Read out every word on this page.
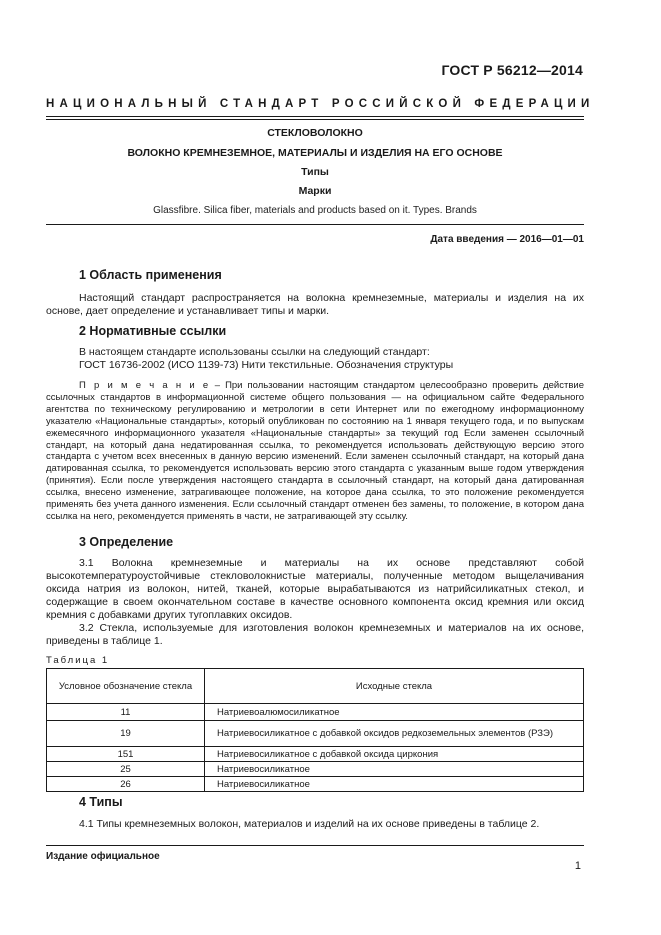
ГОСТ Р 56212—2014
НАЦИОНАЛЬНЫЙ СТАНДАРТ РОССИЙСКОЙ ФЕДЕРАЦИИ
СТЕКЛОВОЛОКНО
ВОЛОКНО КРЕМНЕЗЕМНОЕ, МАТЕРИАЛЫ И ИЗДЕЛИЯ НА ЕГО ОСНОВЕ
Типы
Марки
Glassfibre. Silica fiber, materials and products based on it. Types. Brands
Дата введения — 2016—01—01
1 Область применения

Настоящий стандарт распространяется на волокна кремнеземные, материалы и изделия на их основе, дает определение и устанавливает типы и марки.

2 Нормативные ссылки

В настоящем стандарте использованы ссылки на следующий стандарт:

ГОСТ 16736-2002 (ИСО 1139-73) Нити текстильные. Обозначения структуры

П р и м е ч а н и е – При пользовании настоящим стандартом целесообразно проверить действие ссылочных стандартов в информационной системе общего пользования — на официальном сайте Федерального агентства по техническому регулированию и метрологии в сети Интернет или по ежегодному информационному указателю «Национальные стандарты», который опубликован по состоянию на 1 января текущего года, и по выпускам ежемесячного информационного указателя «Национальные стандарты» за текущий год Если заменен ссылочный стандарт, на который дана недатированная ссылка, то рекомендуется использовать действующую версию этого стандарта с учетом всех внесенных в данную версию изменений. Если заменен ссылочный стандарт, на который дана датированная ссылка, то рекомендуется использовать версию этого стандарта с указанным выше годом утверждения (принятия). Если после утверждения настоящего стандарта в ссылочный стандарт, на который дана датированная ссылка, внесено изменение, затрагивающее положение, на которое дана ссылка, то это положение рекомендуется применять без учета данного изменения. Если ссылочный стандарт отменен без замены, то положение, в котором дана ссылка на него, рекомендуется применять в части, не затрагивающей эту ссылку.
3 Определение

3.1 Волокна кремнеземные и материалы на их основе представляют собой высокотемпературоустойчивые стекловолокнистые материалы, полученные методом выщелачивания оксида натрия из волокон, нитей, тканей, которые вырабатываются из натрийсиликатных стекол, и содержащие в своем окончательном составе в качестве основного компонента оксид кремния или оксид кремния с добавками других тугоплавких оксидов.

3.2 Стекла, используемые для изготовления волокон кремнеземных и материалов на их основе, приведены в таблице 1.

Таблица 1
Условное обозначение стекла	Исходные стекла
11	Натриевоалюмосиликатное
19	Натриевосиликатное с добавкой оксидов редкоземельных элементов (РЗЭ)
151	Натриевосиликатное с добавкой оксида циркония
25	Натриевосиликатное
26	Натриевосиликатное
4 Типы

4.1 Типы кремнеземных волокон, материалов и изделий на их основе приведены в таблице 2.

Издание официальное
1
